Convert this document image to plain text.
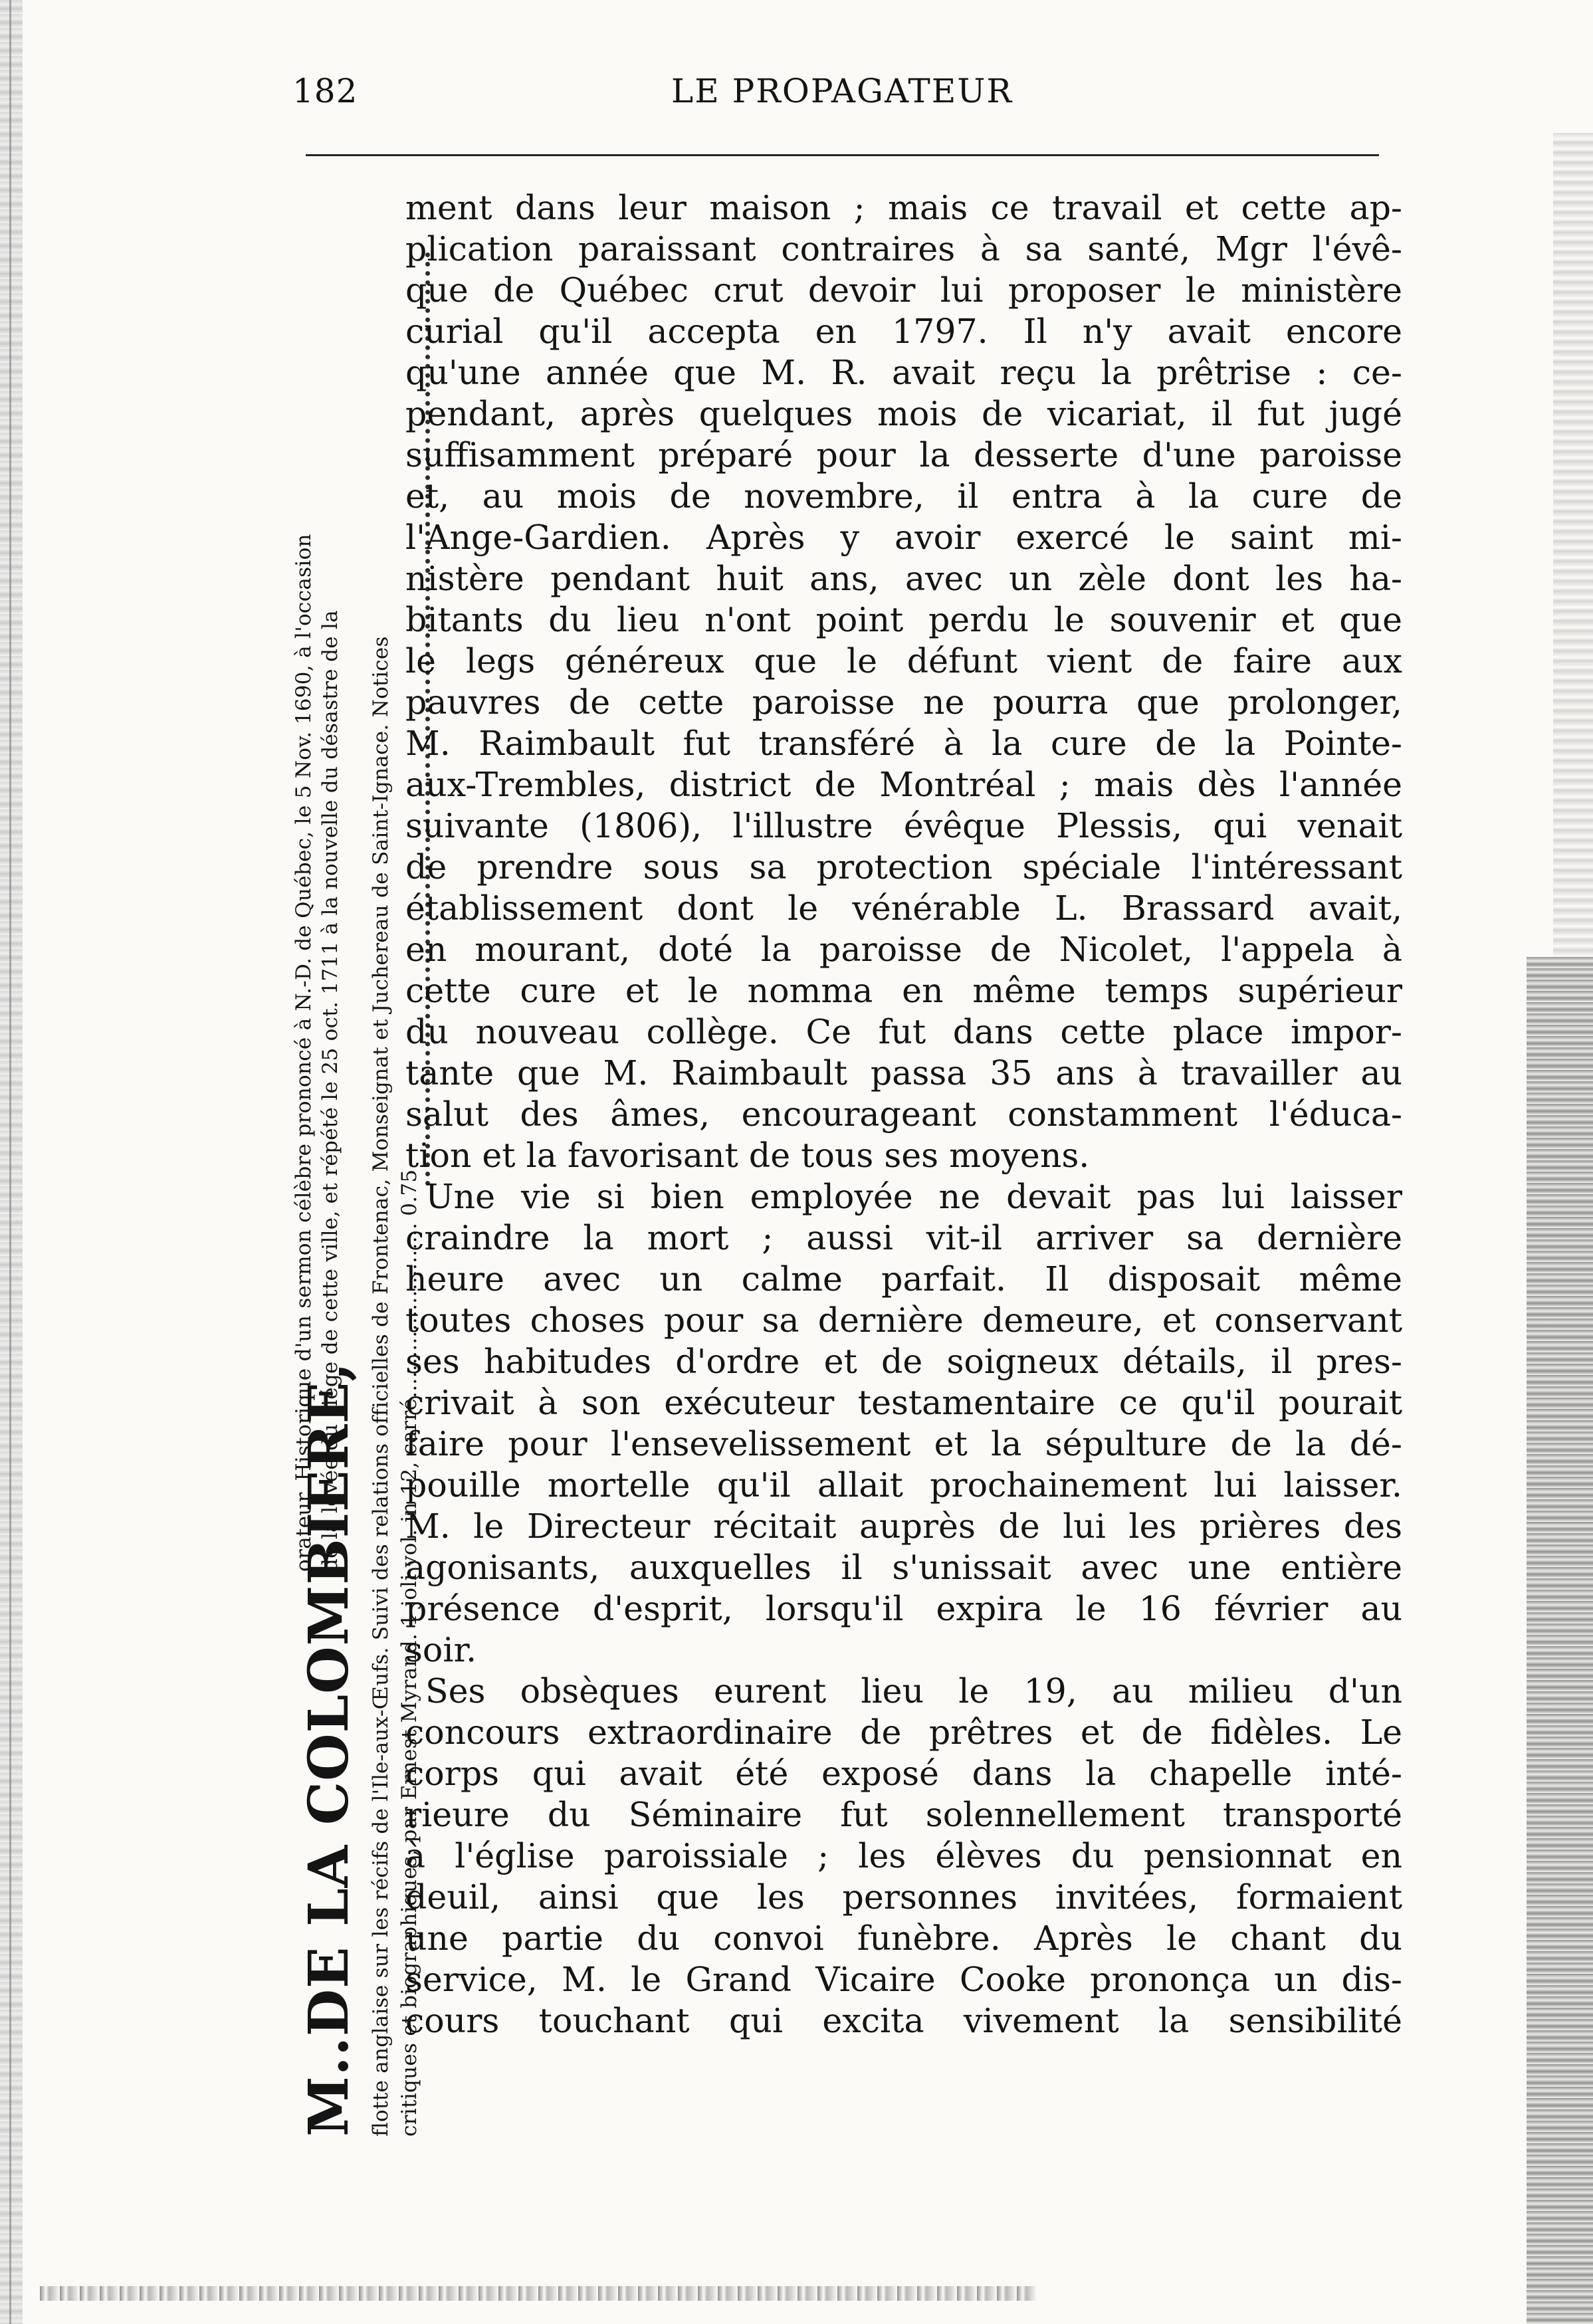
182	LE PROPAGATEUR
M..DE LA COLOMBIERE,
orateur. Historique d'un sermon célèbre prononcé à N.-D. de Québec, le 5 Nov. 1690, à l'occasion de la levée du siége de cette ville, et répété le 25 oct. 1711 à la nouvelle du désastre de la flotte anglaise sur les récifs de l'Ile-aux-Œufs. Suivi des relations officielles de Frontenac, Monseignat et Juchereau de Saint-Ignace. Notices critiques et biographiques, par Ernest Myrand. 1 joli vol. in-12, carré.......................... 0.75
ment dans leur maison ; mais ce travail et cette ap-
plication paraissant contraires à sa santé, Mgr l'évê-
que de Québec crut devoir lui proposer le ministère
curial qu'il accepta en 1797. Il n'y avait encore
qu'une année que M. R. avait reçu la prêtrise : ce-
pendant, après quelques mois de vicariat, il fut jugé
suffisamment préparé pour la desserte d'une paroisse
et, au mois de novembre, il entra à la cure de
l'Ange-Gardien. Après y avoir exercé le saint mi-
nistère pendant huit ans, avec un zèle dont les ha-
bitants du lieu n'ont point perdu le souvenir et que
le legs généreux que le défunt vient de faire aux
pauvres de cette paroisse ne pourra que prolonger,
M. Raimbault fut transféré à la cure de la Pointe-
aux-Trembles, district de Montréal ; mais dès l'année
suivante (1806), l'illustre évêque Plessis, qui venait
de prendre sous sa protection spéciale l'intéressant
établissement dont le vénérable L. Brassard avait,
en mourant, doté la paroisse de Nicolet, l'appela à
cette cure et le nomma en même temps supérieur
du nouveau collège. Ce fut dans cette place impor-
tante que M. Raimbault passa 35 ans à travailler au
salut des âmes, encourageant constamment l'éduca-
tion et la favorisant de tous ses moyens.
Une vie si bien employée ne devait pas lui laisser
craindre la mort ; aussi vit-il arriver sa dernière
heure avec un calme parfait. Il disposait même
toutes choses pour sa dernière demeure, et conservant
ses habitudes d'ordre et de soigneux détails, il pres-
crivait à son exécuteur testamentaire ce qu'il pourait
faire pour l'ensevelissement et la sépulture de la dé-
pouille mortelle qu'il allait prochainement lui laisser.
M. le Directeur récitait auprès de lui les prières des
agonisants, auxquelles il s'unissait avec une entière
présence d'esprit, lorsqu'il expira le 16 février au
soir.
Ses obsèques eurent lieu le 19, au milieu d'un
concours extraordinaire de prêtres et de fidèles. Le
corps qui avait été exposé dans la chapelle inté-
rieure du Séminaire fut solennellement transporté
à l'église paroissiale ; les élèves du pensionnat en
deuil, ainsi que les personnes invitées, formaient
une partie du convoi funèbre. Après le chant du
service, M. le Grand Vicaire Cooke prononça un dis-
cours touchant qui excita vivement la sensibilité
